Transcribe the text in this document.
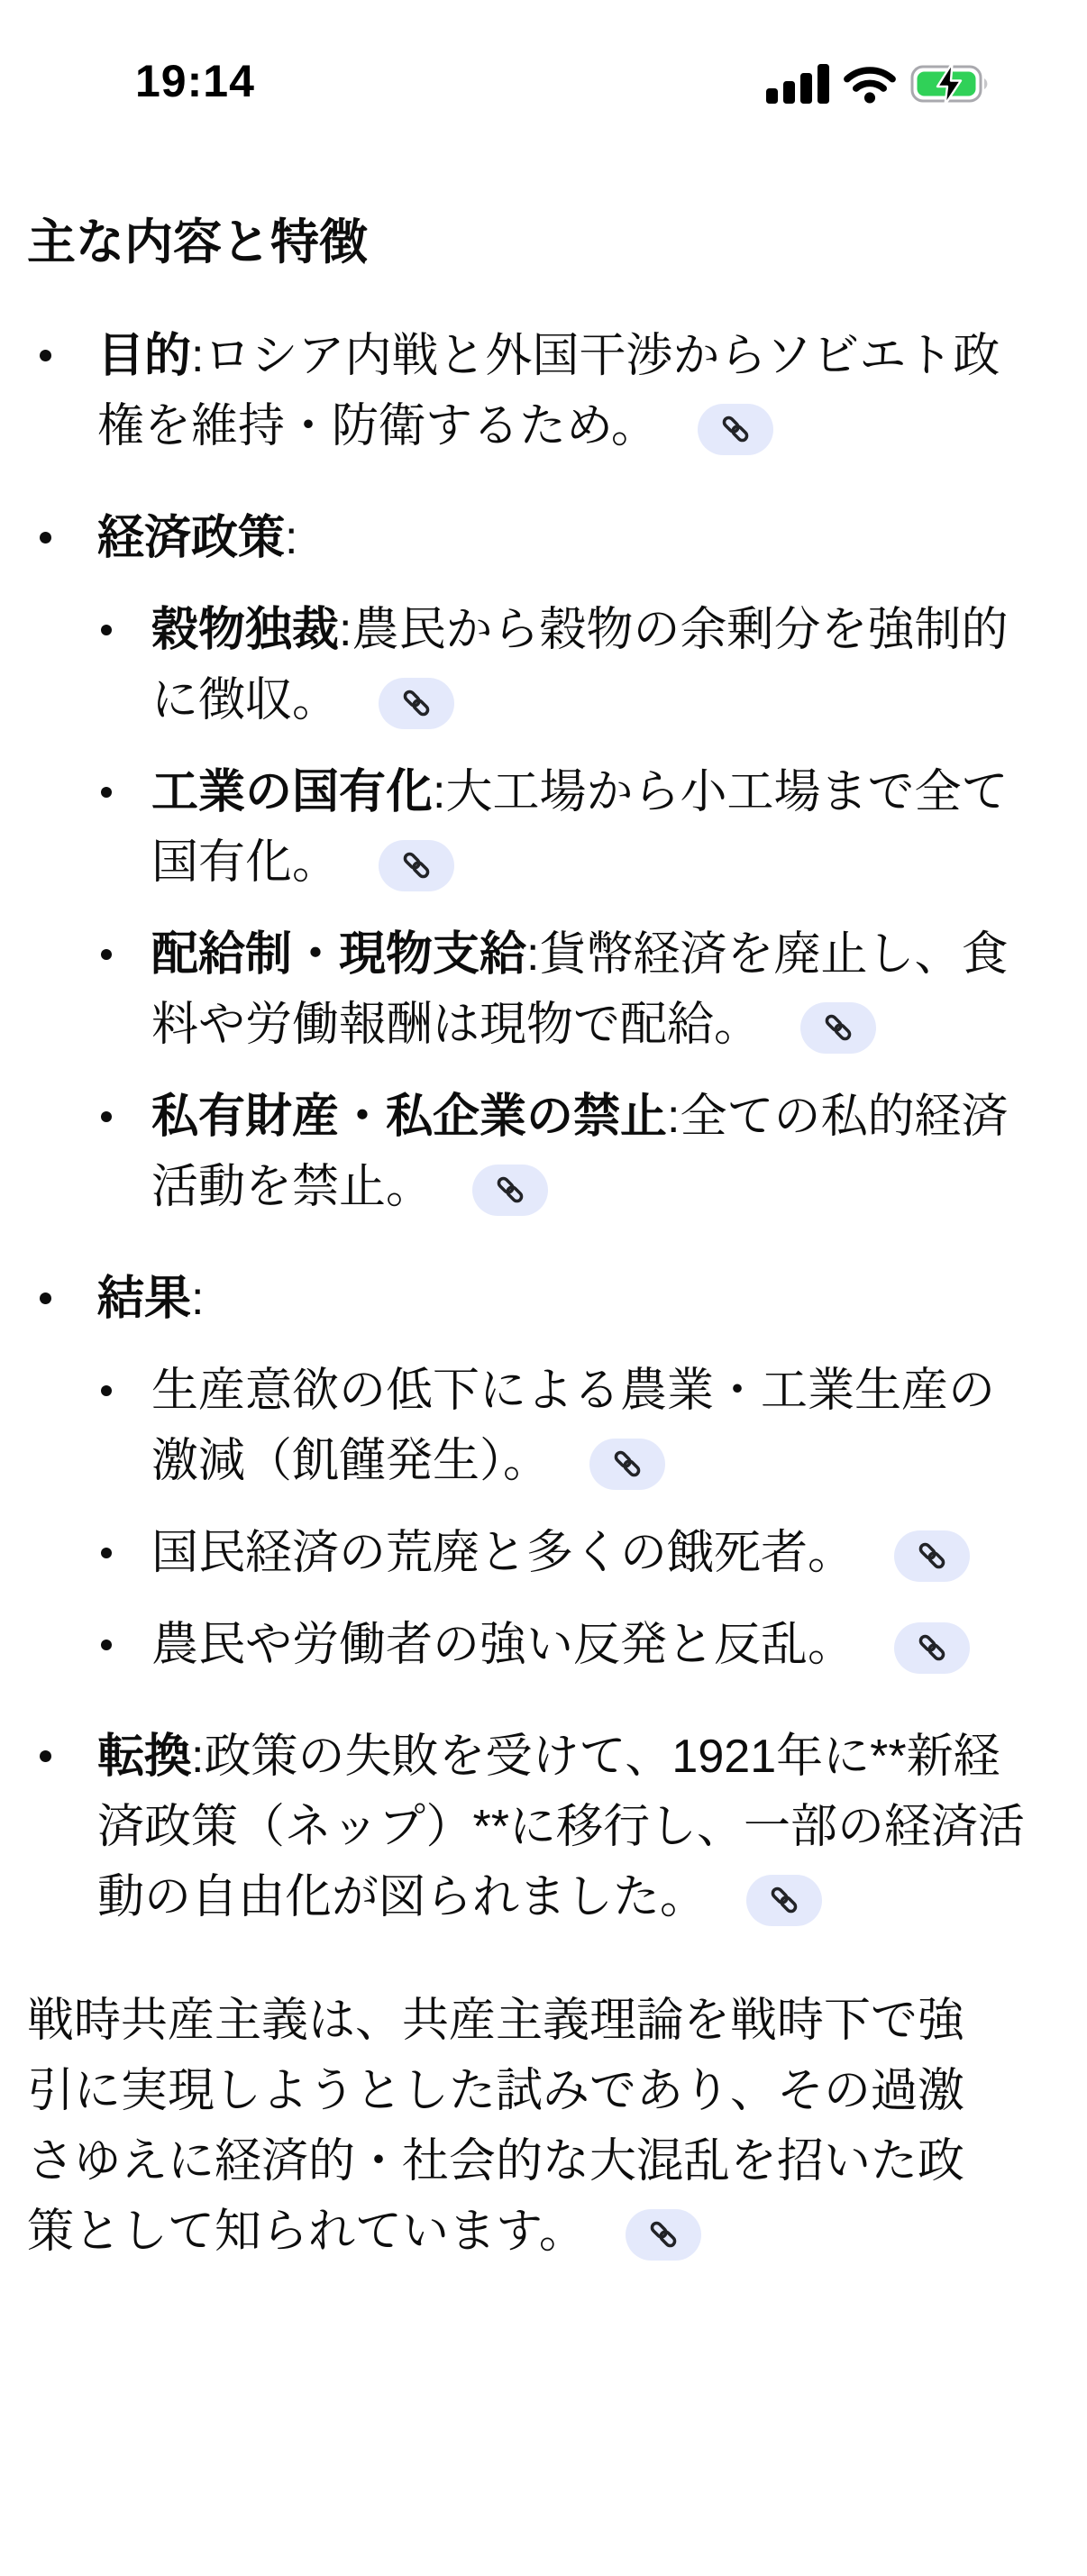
19:14
主な内容と特徴
目的:ロシア内戦と外国干渉からソビエト政権を維持・防衛するため。
経済政策:
穀物独裁:農民から穀物の余剰分を強制的に徴収。
工業の国有化:大工場から小工場まで全て国有化。
配給制・現物支給:貨幣経済を廃止し、食料や労働報酬は現物で配給。
私有財産・私企業の禁止:全ての私的経済活動を禁止。
結果:
生産意欲の低下による農業・工業生産の激減（飢饉発生）。
国民経済の荒廃と多くの餓死者。
農民や労働者の強い反発と反乱。
転換:政策の失敗を受けて、1921年に**新経済政策（ネップ）**に移行し、一部の経済活動の自由化が図られました。

戦時共産主義は、共産主義理論を戦時下で強引に実現しようとした試みであり、その過激さゆえに経済的・社会的な大混乱を招いた政策として知られています。
